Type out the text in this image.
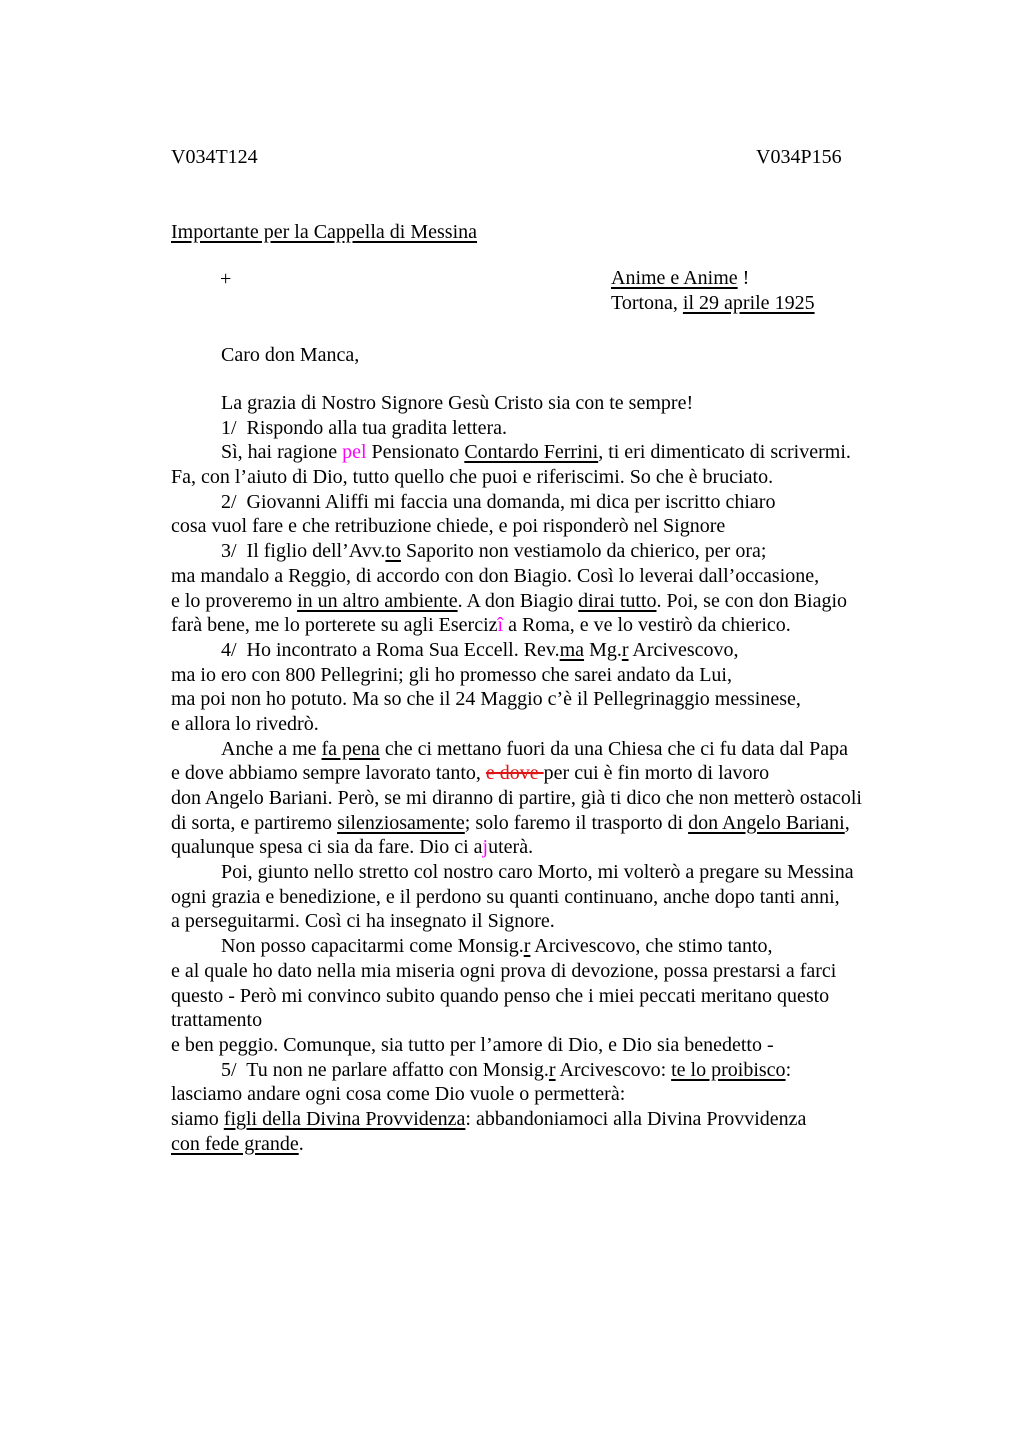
V034T124	V034P156
Importante per la Cappella di Messina
+	Anime e Anime !
Tortona, il 29 aprile 1925
Caro don Manca,
La grazia di Nostro Signore Gesù Cristo sia con te sempre!
1/  Rispondo alla tua gradita lettera.
Sì, hai ragione pel Pensionato Contardo Ferrini, ti eri dimenticato di scrivermi.
Fa, con l’aiuto di Dio, tutto quello che puoi e riferiscimi. So che è bruciato.
2/  Giovanni Aliffi mi faccia una domanda, mi dica per iscritto chiaro
cosa vuol fare e che retribuzione chiede, e poi risponderò nel Signore
3/  Il figlio dell’Avv.to Saporito non vestiamolo da chierico, per ora;
ma mandalo a Reggio, di accordo con don Biagio. Così lo leverai dall’occasione,
e lo proveremo in un altro ambiente. A don Biagio dirai tutto. Poi, se con don Biagio
farà bene, me lo porterete su agli Esercizî a Roma, e ve lo vestirò da chierico.
4/  Ho incontrato a Roma Sua Eccell. Rev.ma Mg.r Arcivescovo,
ma io ero con 800 Pellegrini; gli ho promesso che sarei andato da Lui,
ma poi non ho potuto. Ma so che il 24 Maggio c’è il Pellegrinaggio messinese,
e allora lo rivedrò.
Anche a me fa pena che ci mettano fuori da una Chiesa che ci fu data dal Papa
e dove abbiamo sempre lavorato tanto, e dove per cui è fin morto di lavoro
don Angelo Bariani. Però, se mi diranno di partire, già ti dico che non metterò ostacoli
di sorta, e partiremo silenziosamente; solo faremo il trasporto di don Angelo Bariani,
qualunque spesa ci sia da fare. Dio ci ajuterà.
Poi, giunto nello stretto col nostro caro Morto, mi volterò a pregare su Messina
ogni grazia e benedizione, e il perdono su quanti continuano, anche dopo tanti anni,
a perseguitarmi. Così ci ha insegnato il Signore.
Non posso capacitarmi come Monsig.r Arcivescovo, che stimo tanto,
e al quale ho dato nella mia miseria ogni prova di devozione, possa prestarsi a farci
questo - Però mi convinco subito quando penso che i miei peccati meritano questo
trattamento
e ben peggio. Comunque, sia tutto per l’amore di Dio, e Dio sia benedetto -
5/  Tu non ne parlare affatto con Monsig.r Arcivescovo: te lo proibisco:
lasciamo andare ogni cosa come Dio vuole o permetterà:
siamo figli della Divina Provvidenza: abbandoniamoci alla Divina Provvidenza
con fede grande.
